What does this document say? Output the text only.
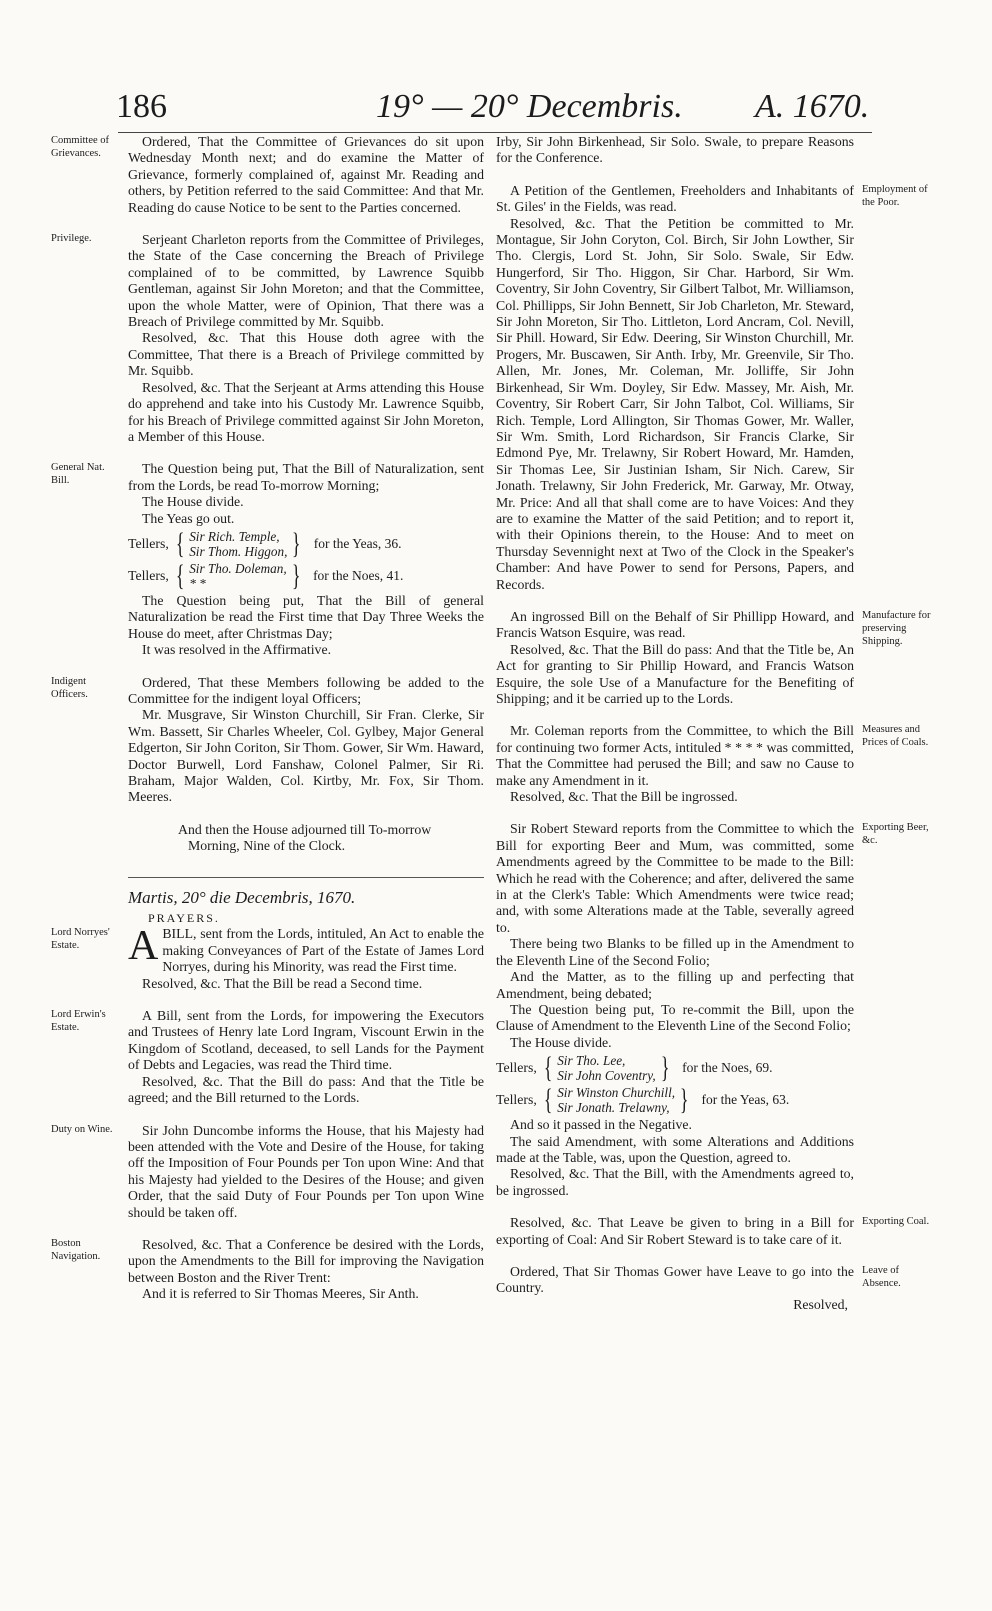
186	19° — 20° Decembris. A. 1670.
Committee of Grievances.

Ordered, That the Committee of Grievances do sit upon Wednesday Month next; and do examine the Matter of Grievance, formerly complained of, against Mr. Reading and others, by Petition referred to the said Committee: And that Mr. Reading do cause Notice to be sent to the Parties concerned.

Privilege.	Serjeant Charleton reports from the Committee of Privileges, the State of the Case concerning the Breach of Privilege complained of to be committed, by Lawrence Squibb Gentleman, against Sir John Moreton; and that the Committee, upon the whole Matter, were of Opinion, That there was a Breach of Privilege committed by Mr. Squibb.

Resolved, &c. That this House doth agree with the Committee, That there is a Breach of Privilege committed by Mr. Squibb.

Resolved, &c. That the Serjeant at Arms attending this House do apprehend and take into his Custody Mr. Lawrence Squibb, for his Breach of Privilege committed against Sir John Moreton, a Member of this House.

General Nat. Bill.

The Question being put, That the Bill of Naturalization, sent from the Lords, be read To-morrow Morning;

The House divide.

The Yeas go out.

Tellers, { Sir Rich. Temple,
Sir Thom. Higgon, } for the Yeas, 36.
Tellers, { Sir Tho. Doleman,
* *	} for the Noes, 41.

The Question being put, That the Bill of general Naturalization be read the First time that Day Three Weeks the House do meet, after Christmas Day;

It was resolved in the Affirmative.

Indigent Officers.

Ordered, That these Members following be added to the Committee for the indigent loyal Officers;

Mr. Musgrave, Sir Winston Churchill, Sir Fran. Clerke, Sir Wm. Bassett, Sir Charles Wheeler, Col. Gylbey, Major General Edgerton, Sir John Coriton, Sir Thom. Gower, Sir Wm. Haward, Doctor Burwell, Lord Fanshaw, Colonel Palmer, Sir Ri. Braham, Major Walden, Col. Kirtby, Mr. Fox, Sir Thom. Meeres.

And then the House adjourned till To-morrow

Morning, Nine of the Clock.

Martis, 20° die Decembris, 1670.

PRAYERS.

Lord Norryes' Estate.	ABILL, sent from the Lords, intituled, An Act to enable the making Conveyances of Part of the Estate of James Lord Norryes, during his Minority, was read the First time.

Resolved, &c. That the Bill be read a Second time.

Lord Erwin's Estate.

A Bill, sent from the Lords, for impowering the Executors and Trustees of Henry late Lord Ingram, Viscount Erwin in the Kingdom of Scotland, deceased, to sell Lands for the Payment of Debts and Legacies, was read the Third time.

Resolved, &c. That the Bill do pass: And that the Title be agreed; and the Bill returned to the Lords.

Duty on Wine.	Sir John Duncombe informs the House, that his Majesty had been attended with the Vote and Desire of the House, for taking off the Imposition of Four Pounds per Ton upon Wine: And that his Majesty had yielded to the Desires of the House; and given Order, that the said Duty of Four Pounds per Ton upon Wine should be taken off.

Boston Navigation.

Resolved, &c. That a Conference be desired with the Lords, upon the Amendments to the Bill for improving the Navigation between Boston and the River Trent:

And it is referred to Sir Thomas Meeres, Sir Anth.

Irby, Sir John Birkenhead, Sir Solo. Swale, to prepare Reasons for the Conference.

Employment of the Poor.

A Petition of the Gentlemen, Freeholders and Inhabitants of St. Giles' in the Fields, was read.

Resolved, &c. That the Petition be committed to Mr. Montague, Sir John Coryton, Col. Birch, Sir John Lowther, Sir Tho. Clergis, Lord St. John, Sir Solo. Swale, Sir Edw. Hungerford, Sir Tho. Higgon, Sir Char. Harbord, Sir Wm. Coventry, Sir John Coventry, Sir Gilbert Talbot, Mr. Williamson, Col. Phillipps, Sir John Bennett, Sir Job Charleton, Mr. Steward, Sir John Moreton, Sir Tho. Littleton, Lord Ancram, Col. Nevill, Sir Phill. Howard, Sir Edw. Deering, Sir Winston Churchill, Mr. Progers, Mr. Buscawen, Sir Anth. Irby, Mr. Greenvile, Sir Tho. Allen, Mr. Jones, Mr. Coleman, Mr. Jolliffe, Sir John Birkenhead, Sir Wm. Doyley, Sir Edw. Massey, Mr. Aish, Mr. Coventry, Sir Robert Carr, Sir John Talbot, Col. Williams, Sir Rich. Temple, Lord Allington, Sir Thomas Gower, Mr. Waller, Sir Wm. Smith, Lord Richardson, Sir Francis Clarke, Sir Edmond Pye, Mr. Trelawny, Sir Robert Howard, Mr. Hamden, Sir Thomas Lee, Sir Justinian Isham, Sir Nich. Carew, Sir Jonath. Trelawny, Sir John Frederick, Mr. Garway, Mr. Otway, Mr. Price: And all that shall come are to have Voices: And they are to examine the Matter of the said Petition; and to report it, with their Opinions therein, to the House: And to meet on Thursday Sevennight next at Two of the Clock in the Speaker's Chamber: And have Power to send for Persons, Papers, and Records.

Manufacture for preserving Shipping.

An ingrossed Bill on the Behalf of Sir Phillipp Howard, and Francis Watson Esquire, was read.

Resolved, &c. That the Bill do pass: And that the Title be, An Act for granting to Sir Phillip Howard, and Francis Watson Esquire, the sole Use of a Manufacture for the Benefiting of Shipping; and it be carried up to the Lords.

Measures and Prices of Coals.

Mr. Coleman reports from the Committee, to which the Bill for continuing two former Acts, intituled * * * * was committed, That the Committee had perused the Bill; and saw no Cause to make any Amendment in it.

Resolved, &c. That the Bill be ingrossed.

Exporting Beer, &c.

Sir Robert Steward reports from the Committee to which the Bill for exporting Beer and Mum, was committed, some Amendments agreed by the Committee to be made to the Bill: Which he read with the Coherence; and after, delivered the same in at the Clerk's Table: Which Amendments were twice read; and, with some Alterations made at the Table, severally agreed to.

There being two Blanks to be filled up in the Amendment to the Eleventh Line of the Second Folio;

And the Matter, as to the filling up and perfecting that Amendment, being debated;

The Question being put, To re-commit the Bill, upon the Clause of Amendment to the Eleventh Line of the Second Folio;

The House divide.

Tellers, { Sir Tho. Lee,
Sir John Coventry, } for the Noes, 69.
Tellers, { Sir Winston Churchill,
Sir Jonath. Trelawny, } for the Yeas, 63.

And so it passed in the Negative.

The said Amendment, with some Alterations and Additions made at the Table, was, upon the Question, agreed to.

Resolved, &c. That the Bill, with the Amendments agreed to, be ingrossed.

Exporting Coal.

Resolved, &c. That Leave be given to bring in a Bill for exporting of Coal: And Sir Robert Steward is to take care of it.

Leave of Absence.

Ordered, That Sir Thomas Gower have Leave to go into the Country.

Resolved,
